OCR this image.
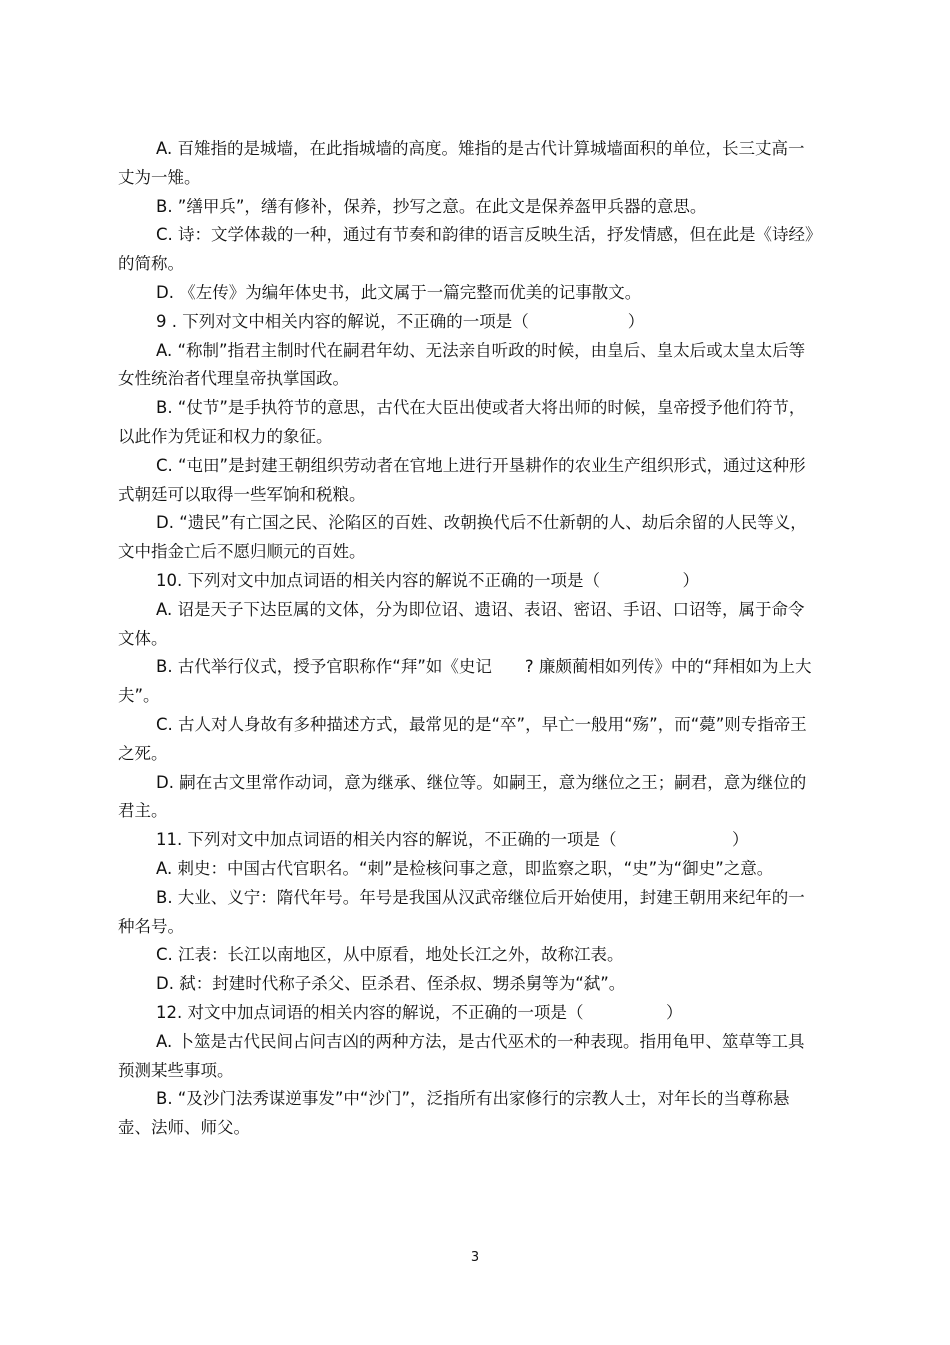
A. 百雉指的是城墙，在此指城墙的高度。雉指的是古代计算城墙面积的单位，长三丈高一丈为一雉。

B. ”缮甲兵”，缮有修补，保养，抄写之意。在此文是保养盔甲兵器的意思。

C. 诗：文学体裁的一种，通过有节奏和韵律的语言反映生活，抒发情感，但在此是《诗经》的简称。

D. 《左传》为编年体史书，此文属于一篇完整而优美的记事散文。

9 . 下列对文中相关内容的解说，不正确的一项是（　　　　　　）

A. “称制”指君主制时代在嗣君年幼、无法亲自听政的时候，由皇后、皇太后或太皇太后等女性统治者代理皇帝执掌国政。

B. “仗节”是手执符节的意思，古代在大臣出使或者大将出师的时候，皇帝授予他们符节，以此作为凭证和权力的象征。

C. “屯田”是封建王朝组织劳动者在官地上进行开垦耕作的农业生产组织形式，通过这种形式朝廷可以取得一些军饷和税粮。

D. “遗民”有亡国之民、沦陷区的百姓、改朝换代后不仕新朝的人、劫后余留的人民等义，文中指金亡后不愿归顺元的百姓。

10. 下列对文中加点词语的相关内容的解说不正确的一项是（　　　　　）

A. 诏是天子下达臣属的文体，分为即位诏、遗诏、表诏、密诏、手诏、口诏等，属于命令文体。

B. 古代举行仪式，授予官职称作“拜”如《史记　　? 廉颇蔺相如列传》中的“拜相如为上大夫”。

C. 古人对人身故有多种描述方式，最常见的是“卒”，早亡一般用“殇”，而“薨”则专指帝王之死。

D. 嗣在古文里常作动词，意为继承、继位等。如嗣王，意为继位之王；嗣君，意为继位的君主。

11. 下列对文中加点词语的相关内容的解说，不正确的一项是（　　　　　　　）

A. 刺史：中国古代官职名。“刺”是检核问事之意，即监察之职，“史”为“御史”之意。

B. 大业、义宁：隋代年号。年号是我国从汉武帝继位后开始使用，封建王朝用来纪年的一种名号。

C. 江表：长江以南地区，从中原看，地处长江之外，故称江表。

D. 弑：封建时代称子杀父、臣杀君、侄杀叔、甥杀舅等为“弑”。

12. 对文中加点词语的相关内容的解说，不正确的一项是（　　　　　）

A. 卜筮是古代民间占问吉凶的两种方法，是古代巫术的一种表现。指用龟甲、筮草等工具预测某些事项。

B. “及沙门法秀谋逆事发”中“沙门”，泛指所有出家修行的宗教人士，对年长的当尊称悬壶、法师、师父。

3
